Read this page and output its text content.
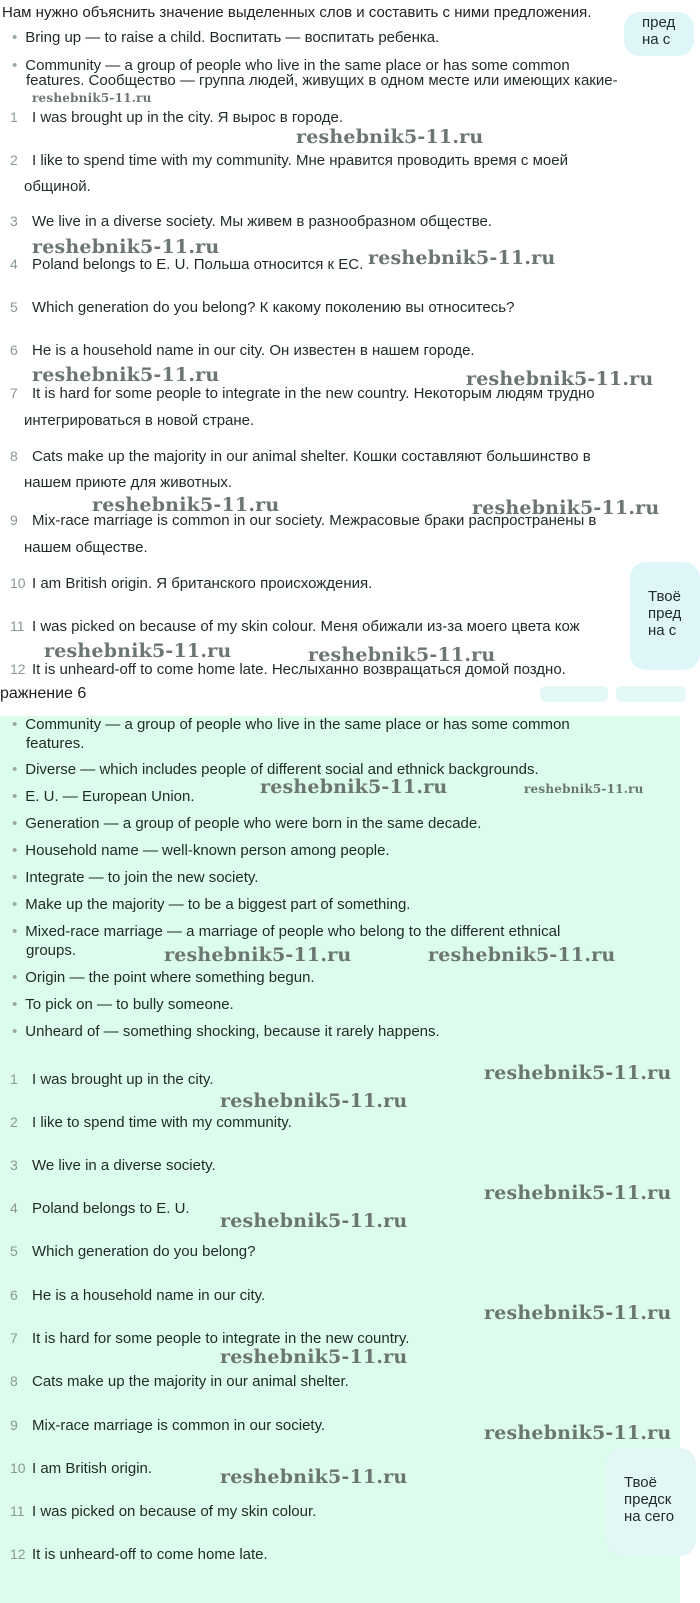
Нам нужно объяснить значение выделенных слов и составить с ними предложения.
• Bring up — to raise a child. Воспитать — воспитать ребенка.
• Community — a group of people who live in the same place or has some common
features. Сообщество — группа людей, живущих в одном месте или имеющих какие-
reshebnik5-11.ru
1 I was brought up in the city. Я вырос в городе.
reshebnik5-11.ru
2 I like to spend time with my community. Мне нравится проводить время с моей
общиной.
3 We live in a diverse society. Мы живем в разнообразном обществе.
reshebnik5-11.ru
4 Poland belongs to E. U. Польша относится к ЕС. reshebnik5-11.ru
5 Which generation do you belong? К какому поколению вы относитесь?
6 He is a household name in our city. Он известен в нашем городе.
reshebnik5-11.ru	reshebnik5-11.ru
7 It is hard for some people to integrate in the new country. Некоторым людям трудно
интегрироваться в новой стране.
8 Cats make up the majority in our animal shelter. Кошки составляют большинство в
нашем приюте для животных.
reshebnik5-11.ru	reshebnik5-11.ru
9 Mix-race marriage is common in our society. Межрасовые браки распространены в
нашем обществе.
10 I am British origin. Я британского происхождения.
11 I was picked on because of my skin colour. Меня обижали из-за моего цвета кож
reshebnik5-11.ru	reshebnik5-11.ru
12 It is unheard-off to come home late. Неслыханно возвращаться домой поздно.
ражнение 6
пред
на с
Твоё
пред
на с
• Community — a group of people who live in the same place or has some common
features.
• Diverse — which includes people of different social and ethnick backgrounds.
• E. U. — European Union.	reshebnik5-11.ru	reshebnik5-11.ru
• Generation — a group of people who were born in the same decade.
• Household name — well-known person among people.
• Integrate — to join the new society.
• Make up the majority — to be a biggest part of something.
• Mixed-race marriage — a marriage of people who belong to the different ethnical
groups.	reshebnik5-11.ru	reshebnik5-11.ru
• Origin — the point where something begun.
• To pick on — to bully someone.
• Unheard of — something shocking, because it rarely happens.
1 I was brought up in the city.	reshebnik5-11.ru
reshebnik5-11.ru
2 I like to spend time with my community.
3 We live in a diverse society.
reshebnik5-11.ru
4 Poland belongs to E. U.
reshebnik5-11.ru
5 Which generation do you belong?
6 He is a household name in our city.
reshebnik5-11.ru
7 It is hard for some people to integrate in the new country.
reshebnik5-11.ru
8 Cats make up the majority in our animal shelter.
9 Mix-race marriage is common in our society.	reshebnik5-11.ru
10 I am British origin.	reshebnik5-11.ru
11 I was picked on because of my skin colour.
12 It is unheard-off to come home late.
Твоё
предск
на сего
